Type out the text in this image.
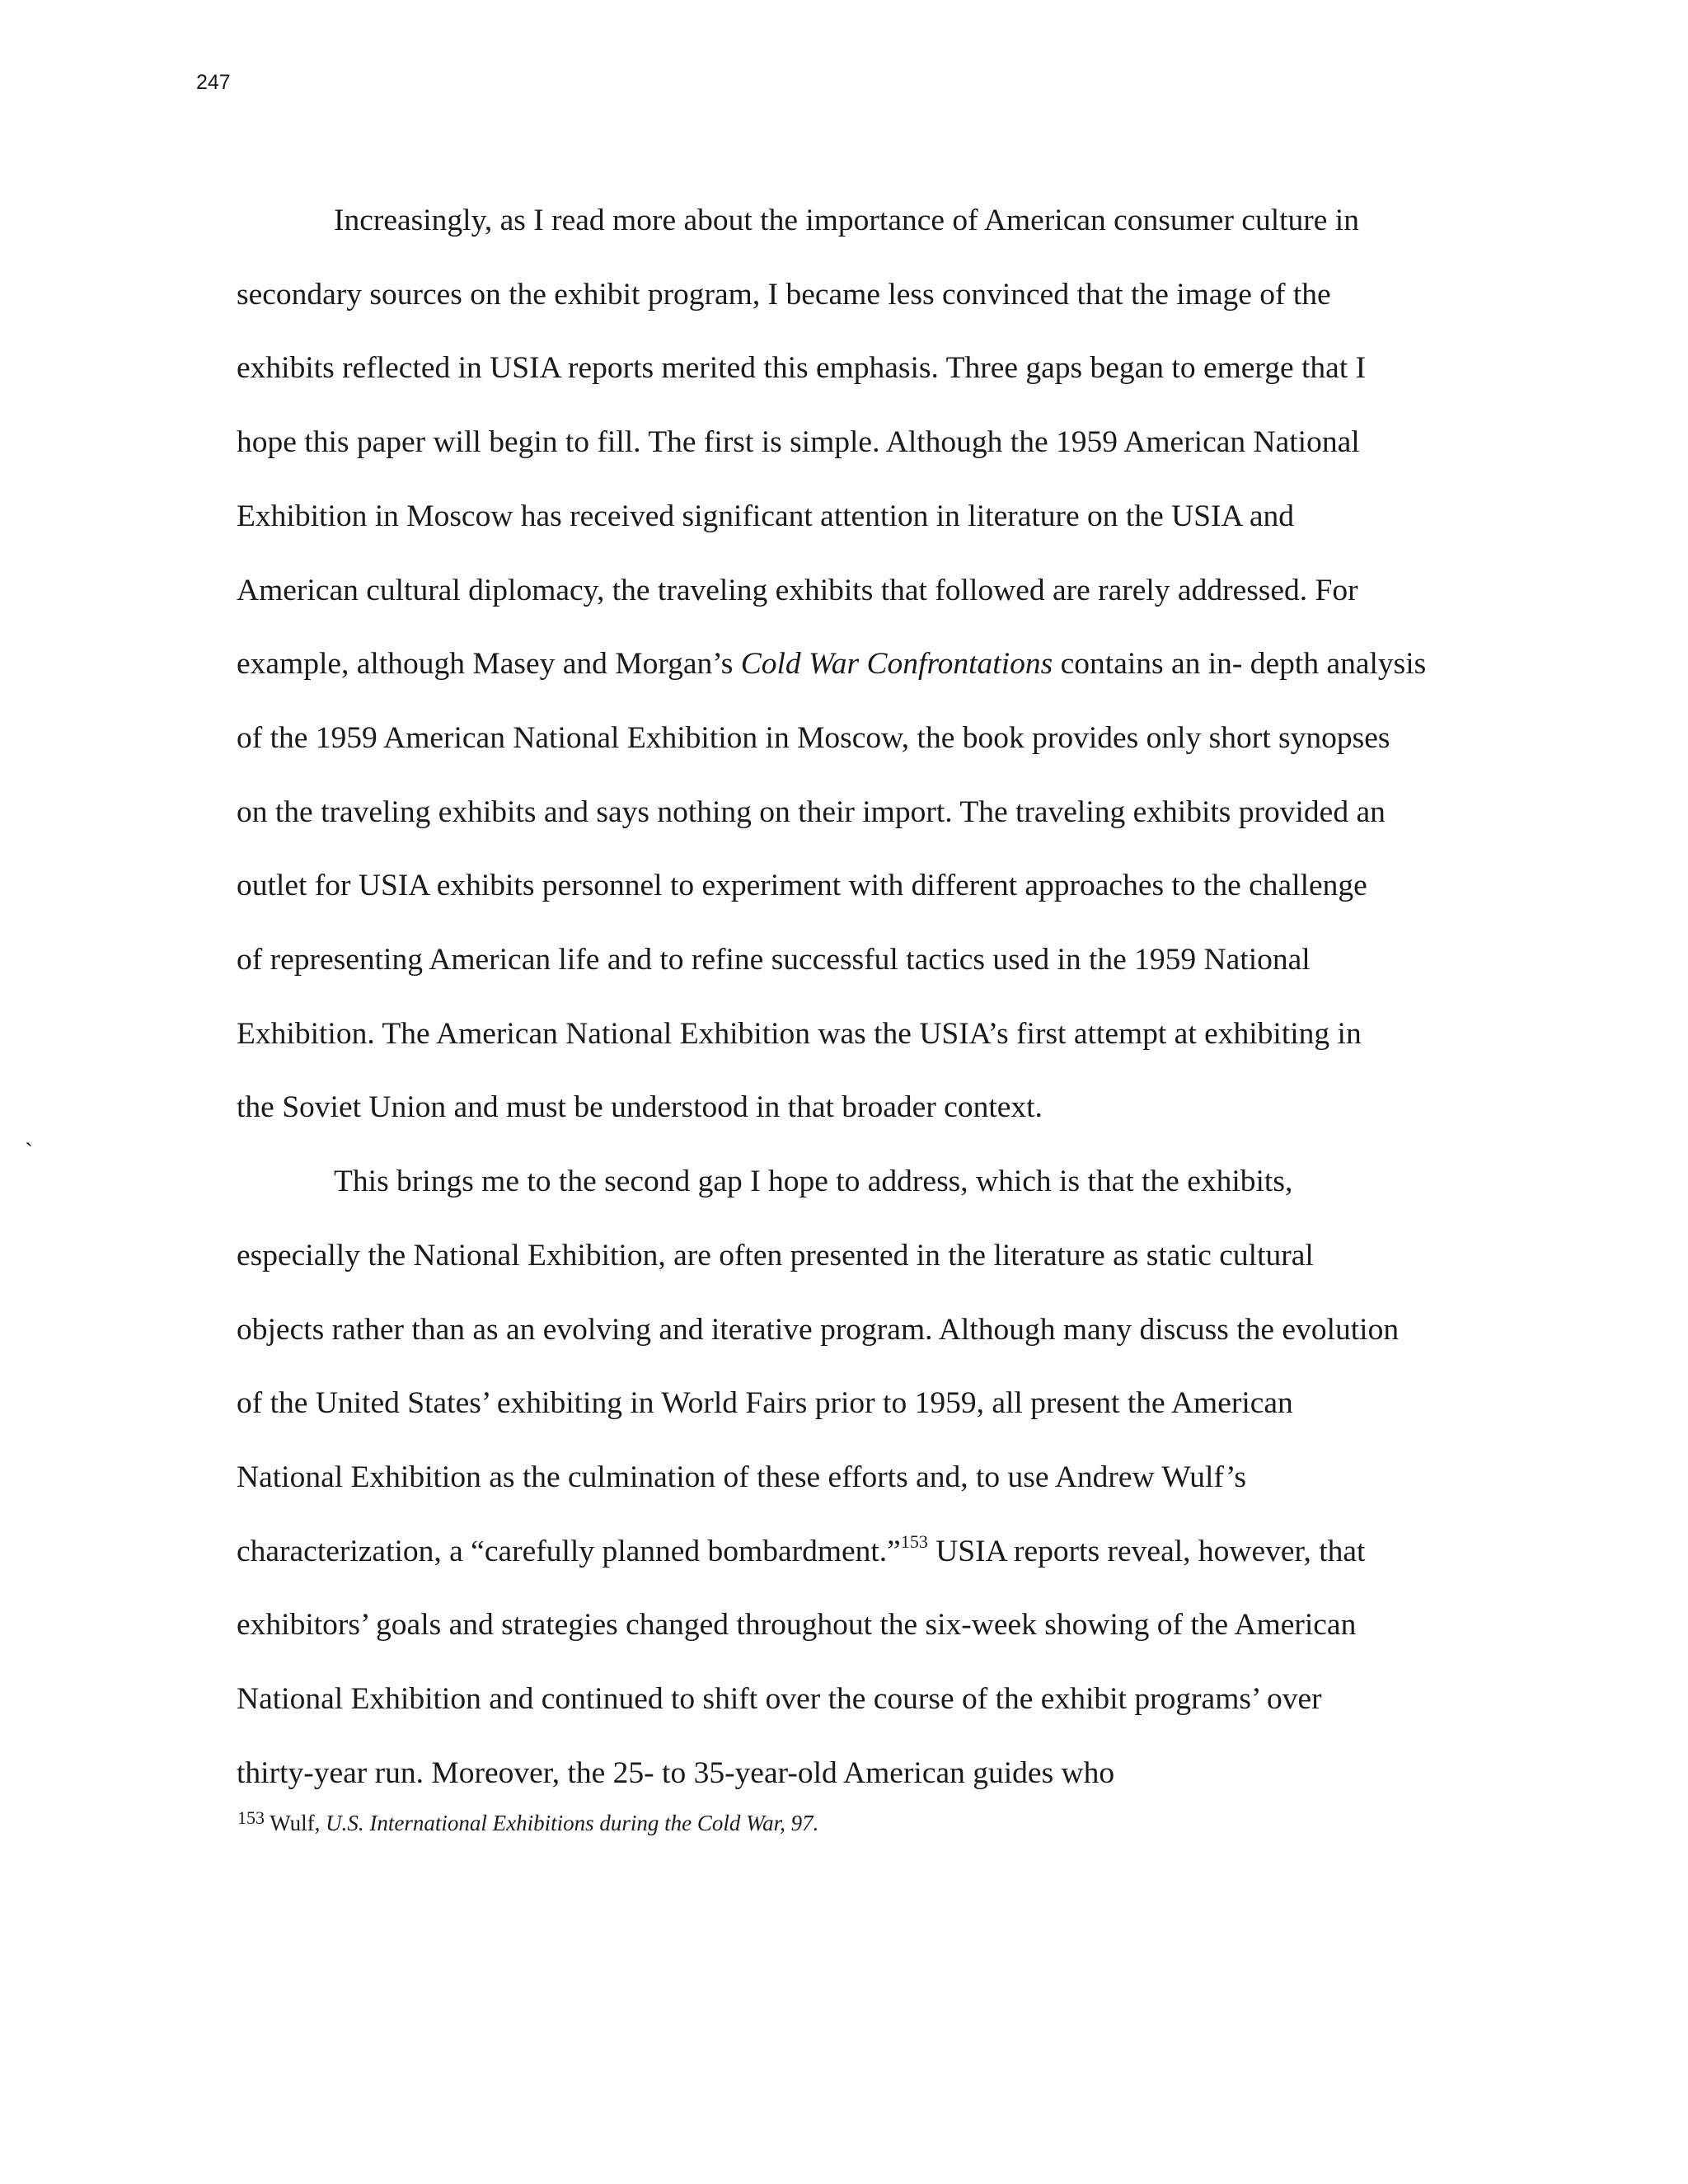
247

`

Increasingly, as I read more about the importance of American consumer culture in
secondary sources on the exhibit program, I became less convinced that the image of the
exhibits reflected in USIA reports merited this emphasis. Three gaps began to emerge that I
hope this paper will begin to fill. The first is simple. Although the 1959 American National
Exhibition in Moscow has received significant attention in literature on the USIA and
American cultural diplomacy, the traveling exhibits that followed are rarely addressed. For
example, although Masey and Morgan’s Cold War Confrontations contains an in- depth analysis
of the 1959 American National Exhibition in Moscow, the book provides only short synopses
on the traveling exhibits and says nothing on their import. The traveling exhibits provided an
outlet for USIA exhibits personnel to experiment with different approaches to the challenge
of representing American life and to refine successful tactics used in the 1959 National
Exhibition. The American National Exhibition was the USIA’s first attempt at exhibiting in
the Soviet Union and must be understood in that broader context.

This brings me to the second gap I hope to address, which is that the exhibits,
especially the National Exhibition, are often presented in the literature as static cultural
objects rather than as an evolving and iterative program. Although many discuss the evolution
of the United States’ exhibiting in World Fairs prior to 1959, all present the American
National Exhibition as the culmination of these efforts and, to use Andrew Wulf’s
characterization, a “carefully planned bombardment.”$^{153}$ USIA reports reveal, however, that
exhibitors’ goals and strategies changed throughout the six-week showing of the American
National Exhibition and continued to shift over the course of the exhibit programs’ over
thirty-year run. Moreover, the 25- to 35-year-old American guides who

$^{153}$ Wulf, U.S. International Exhibitions during the Cold War, 97.
